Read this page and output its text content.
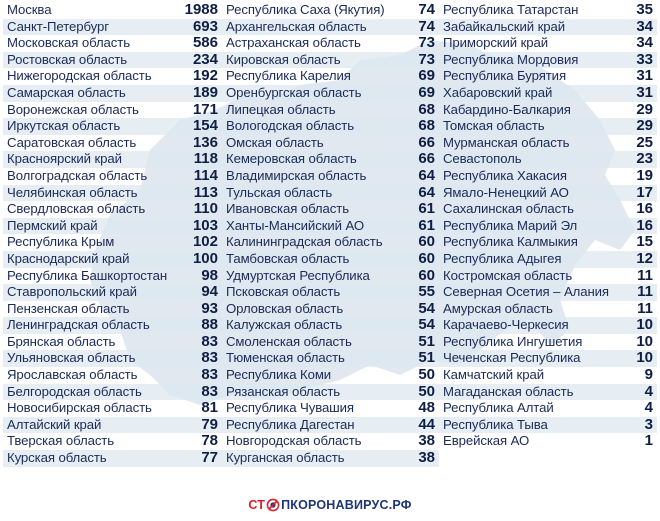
Москва	1988
Санкт-Петербург	693
Московская область	586
Ростовская область	234
Нижегородская область	192
Самарская область	189
Воронежская область	171
Иркутская область	154
Саратовская область	136
Красноярский край	118
Волгоградская область	114
Челябинская область	113
Свердловская область	110
Пермский край	103
Республика Крым	102
Краснодарский край	100
Республика Башкортостан 98
Ставропольский край	94
Пензенская область	93
Ленинградская область	88
Брянская область	83
Ульяновская область	83
Ярославская область	83
Белгородская область	83
Новосибирская область	81
Алтайский край	79
Тверская область	78
Курская область	77
Республика Саха (Якутия) 74
Архангельская область	74
Астраханская область	73
Кировская область	73
Республика Карелия	69
Оренбургская область	69
Липецкая область	68
Вологодская область	68
Омская область	66
Кемеровская область	66
Владимирская область	64
Тульская область	64
Ивановская область	61
Ханты-Мансийский АО	61
Калининградская область 60
Тамбовская область	60
Удмуртская Республика	60
Псковская область	55
Орловская область	54
Калужская область	54
Смоленская область	51
Тюменская область	51
Республика Коми	50
Рязанская область	50
Республика Чувашия	48
Республика Дагестан	44
Новгородская область	38
Курганская область	38
Республика Татарстан	35
Забайкальский край	34
Приморский край	34
Республика Мордовия	33
Республика Бурятия	31
Хабаровский край	31
Кабардино-Балкария	29
Томская область	29
Мурманская область	25
Севастополь	23
Республика Хакасия	19
Ямало-Ненецкий АО	17
Сахалинская область	16
Республика Марий Эл	16
Республика Калмыкия	15
Республика Адыгея	12
Костромская область	11
Северная Осетия – Алания 11
Амурская область	11
Карачаево-Черкесия	10
Республика Ингушетия	10
Чеченская Республика	10
Камчатский край	9
Магаданская область	4
Республика Алтай	4
Республика Тыва	3
Еврейская АО	1
СТ ПКОРОНАВИРУС.РФ
